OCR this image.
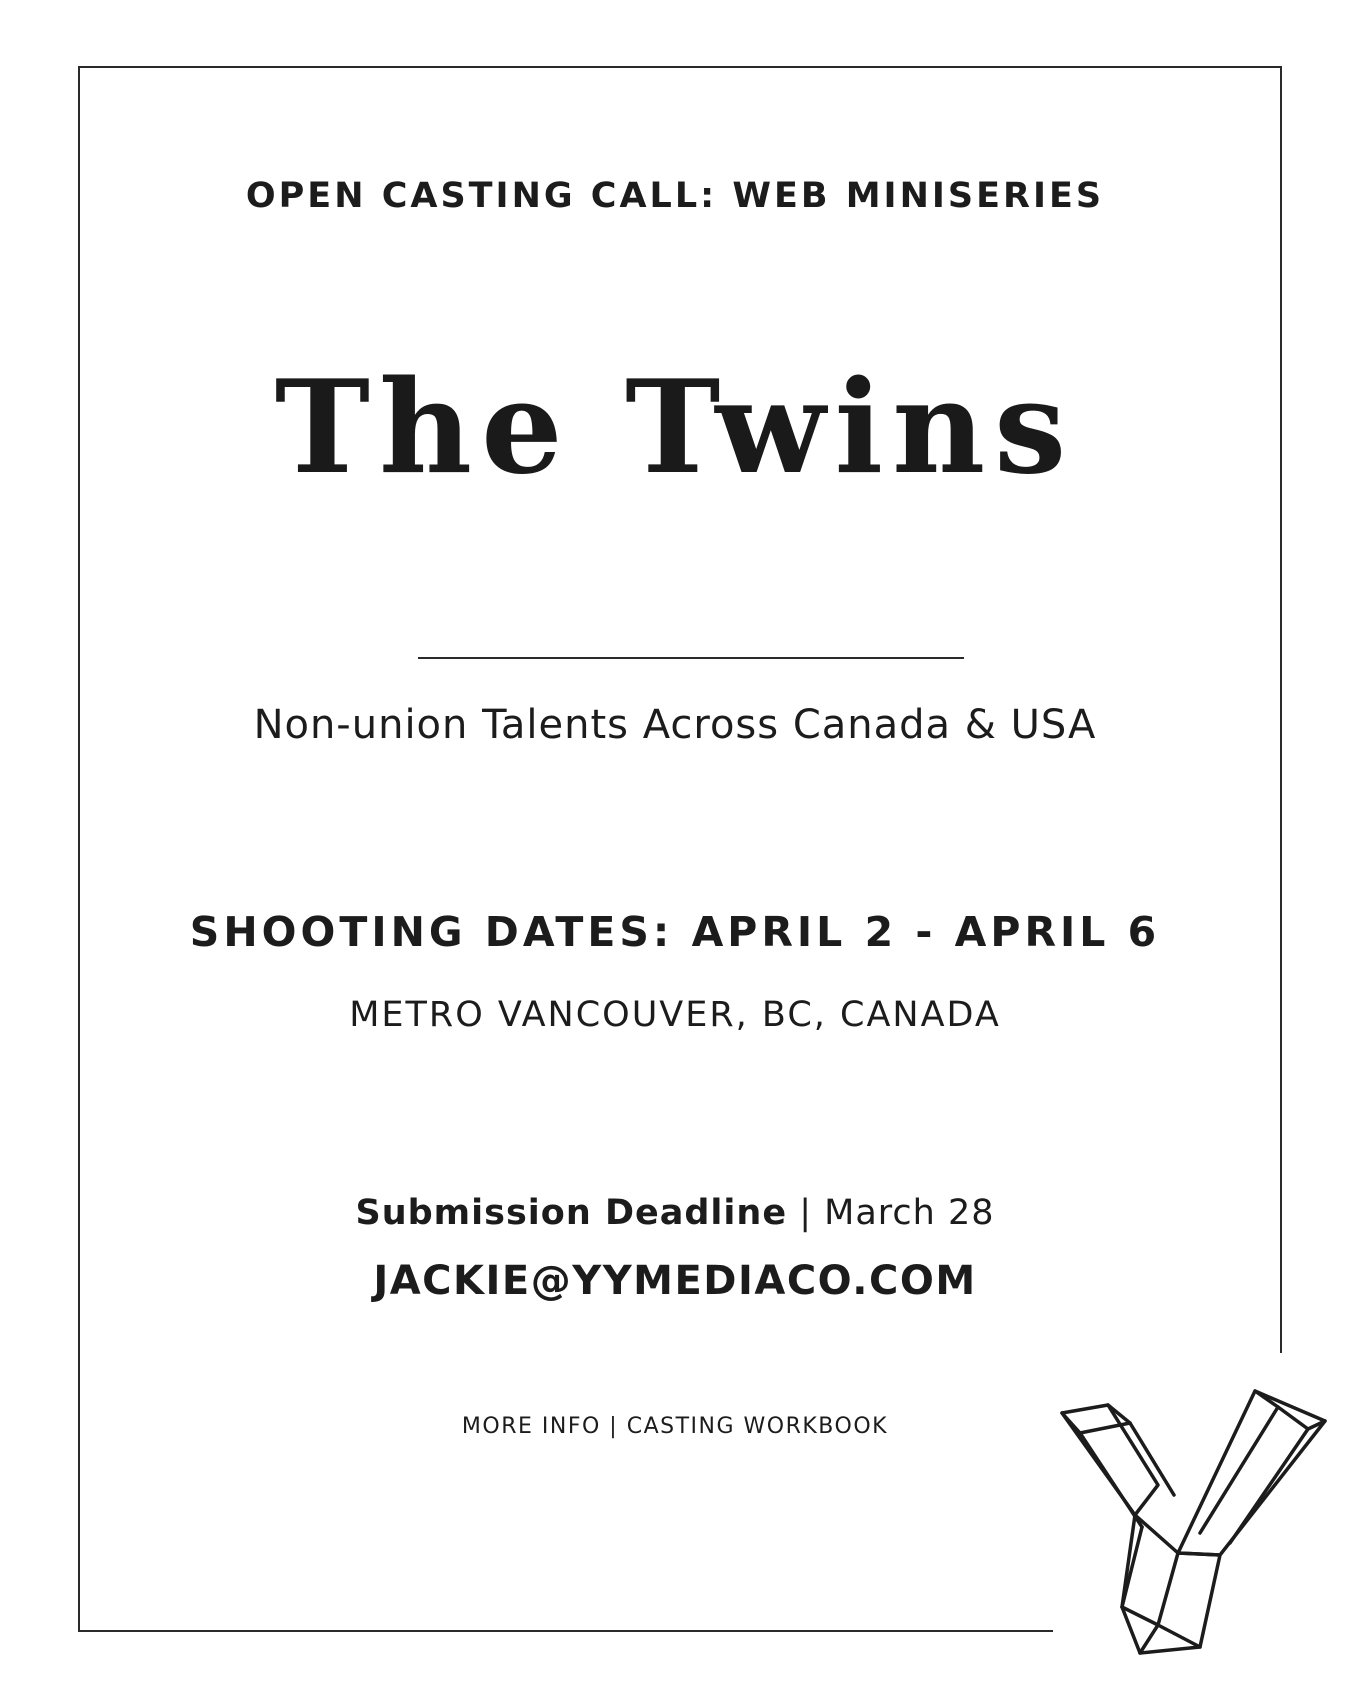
OPEN CASTING CALL: WEB MINISERIES
The Twins
Non-union Talents Across Canada & USA
SHOOTING DATES: APRIL 2 - APRIL 6
METRO VANCOUVER, BC, CANADA
Submission Deadline | March 28
JACKIE@YYMEDIACO.COM
MORE INFO | CASTING WORKBOOK
